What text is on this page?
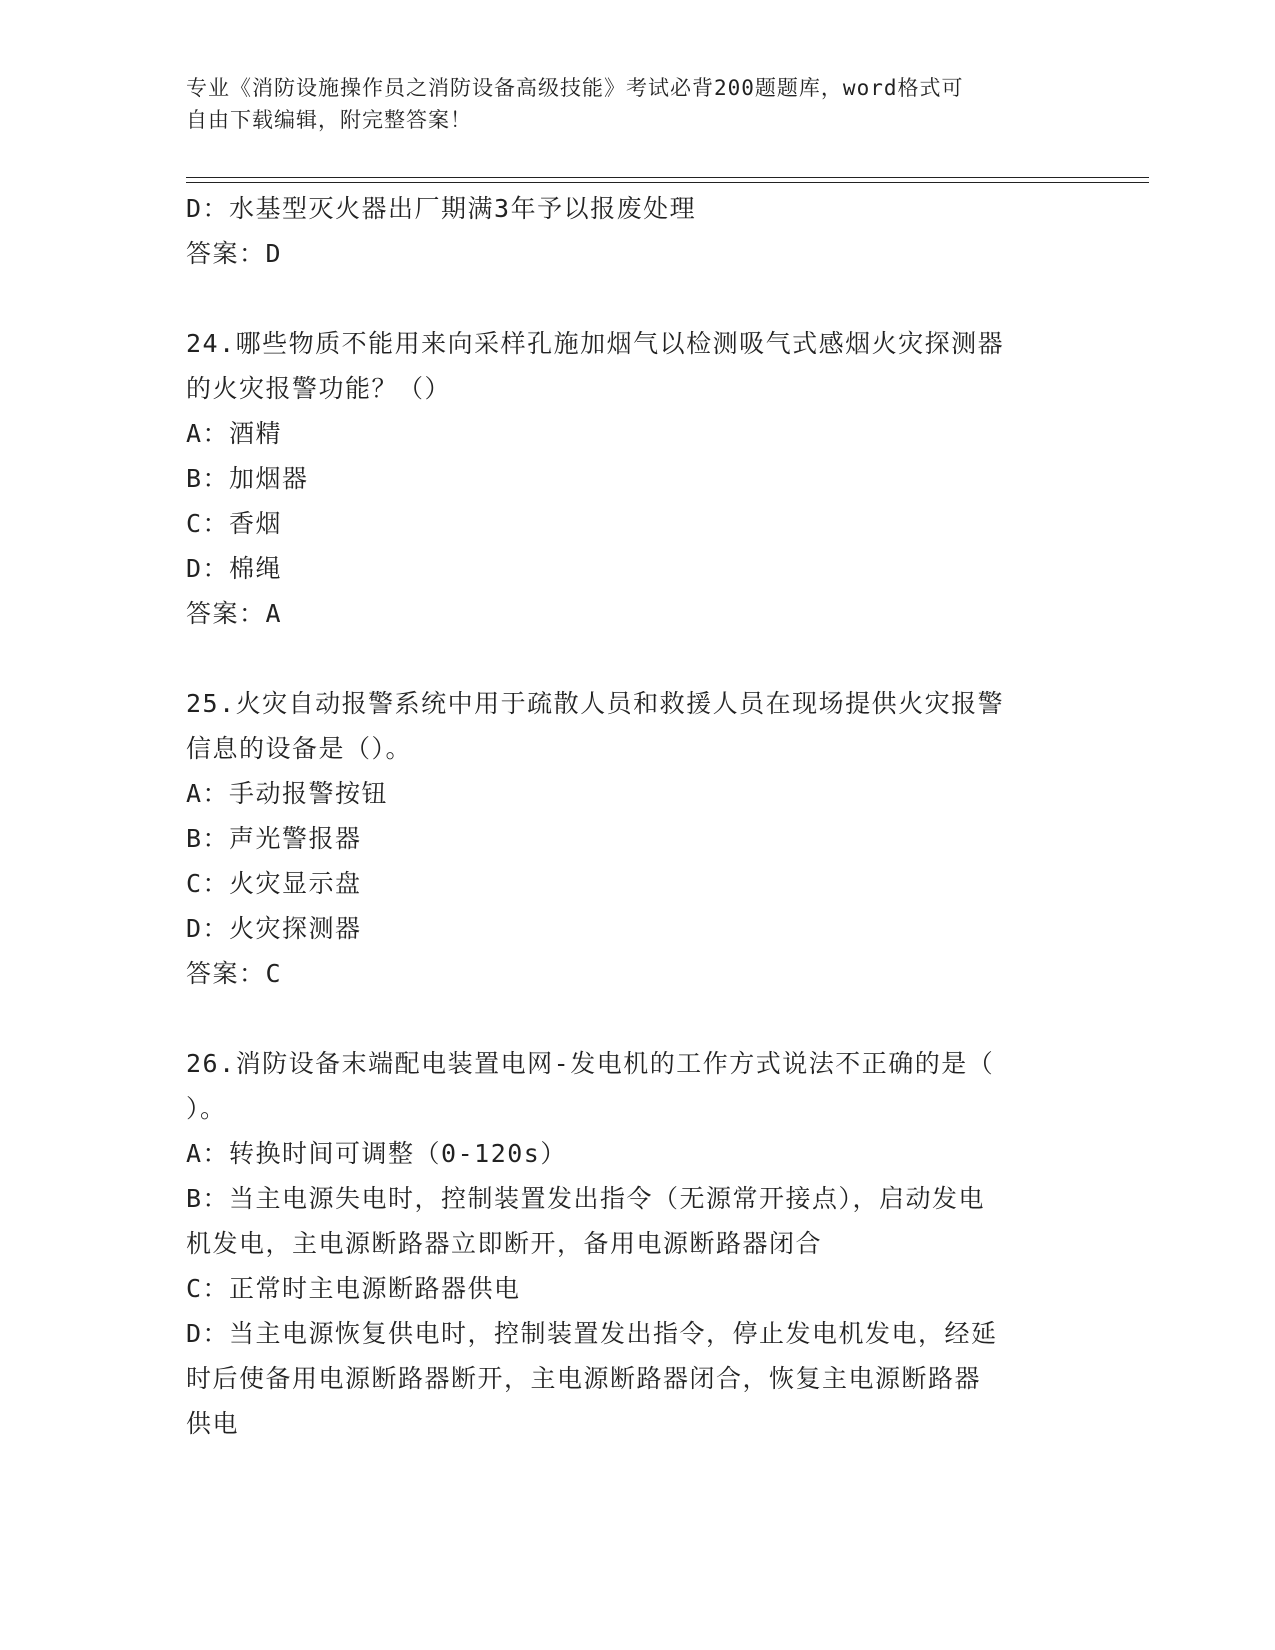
专业《消防设施操作员之消防设备高级技能》考试必背200题题库，word格式可
自由下载编辑，附完整答案！
D：水基型灭火器出厂期满3年予以报废处理
答案：D
24.哪些物质不能用来向采样孔施加烟气以检测吸气式感烟火灾探测器
的火灾报警功能？（）
A：酒精
B：加烟器
C：香烟
D：棉绳
答案：A
25.火灾自动报警系统中用于疏散人员和救援人员在现场提供火灾报警
信息的设备是（）。
A：手动报警按钮
B：声光警报器
C：火灾显示盘
D：火灾探测器
答案：C
26.消防设备末端配电装置电网-发电机的工作方式说法不正确的是（
）。
A：转换时间可调整（0-120s）
B：当主电源失电时，控制装置发出指令（无源常开接点），启动发电
机发电，主电源断路器立即断开，备用电源断路器闭合
C：正常时主电源断路器供电
D：当主电源恢复供电时，控制装置发出指令，停止发电机发电，经延
时后使备用电源断路器断开，主电源断路器闭合，恢复主电源断路器
供电
